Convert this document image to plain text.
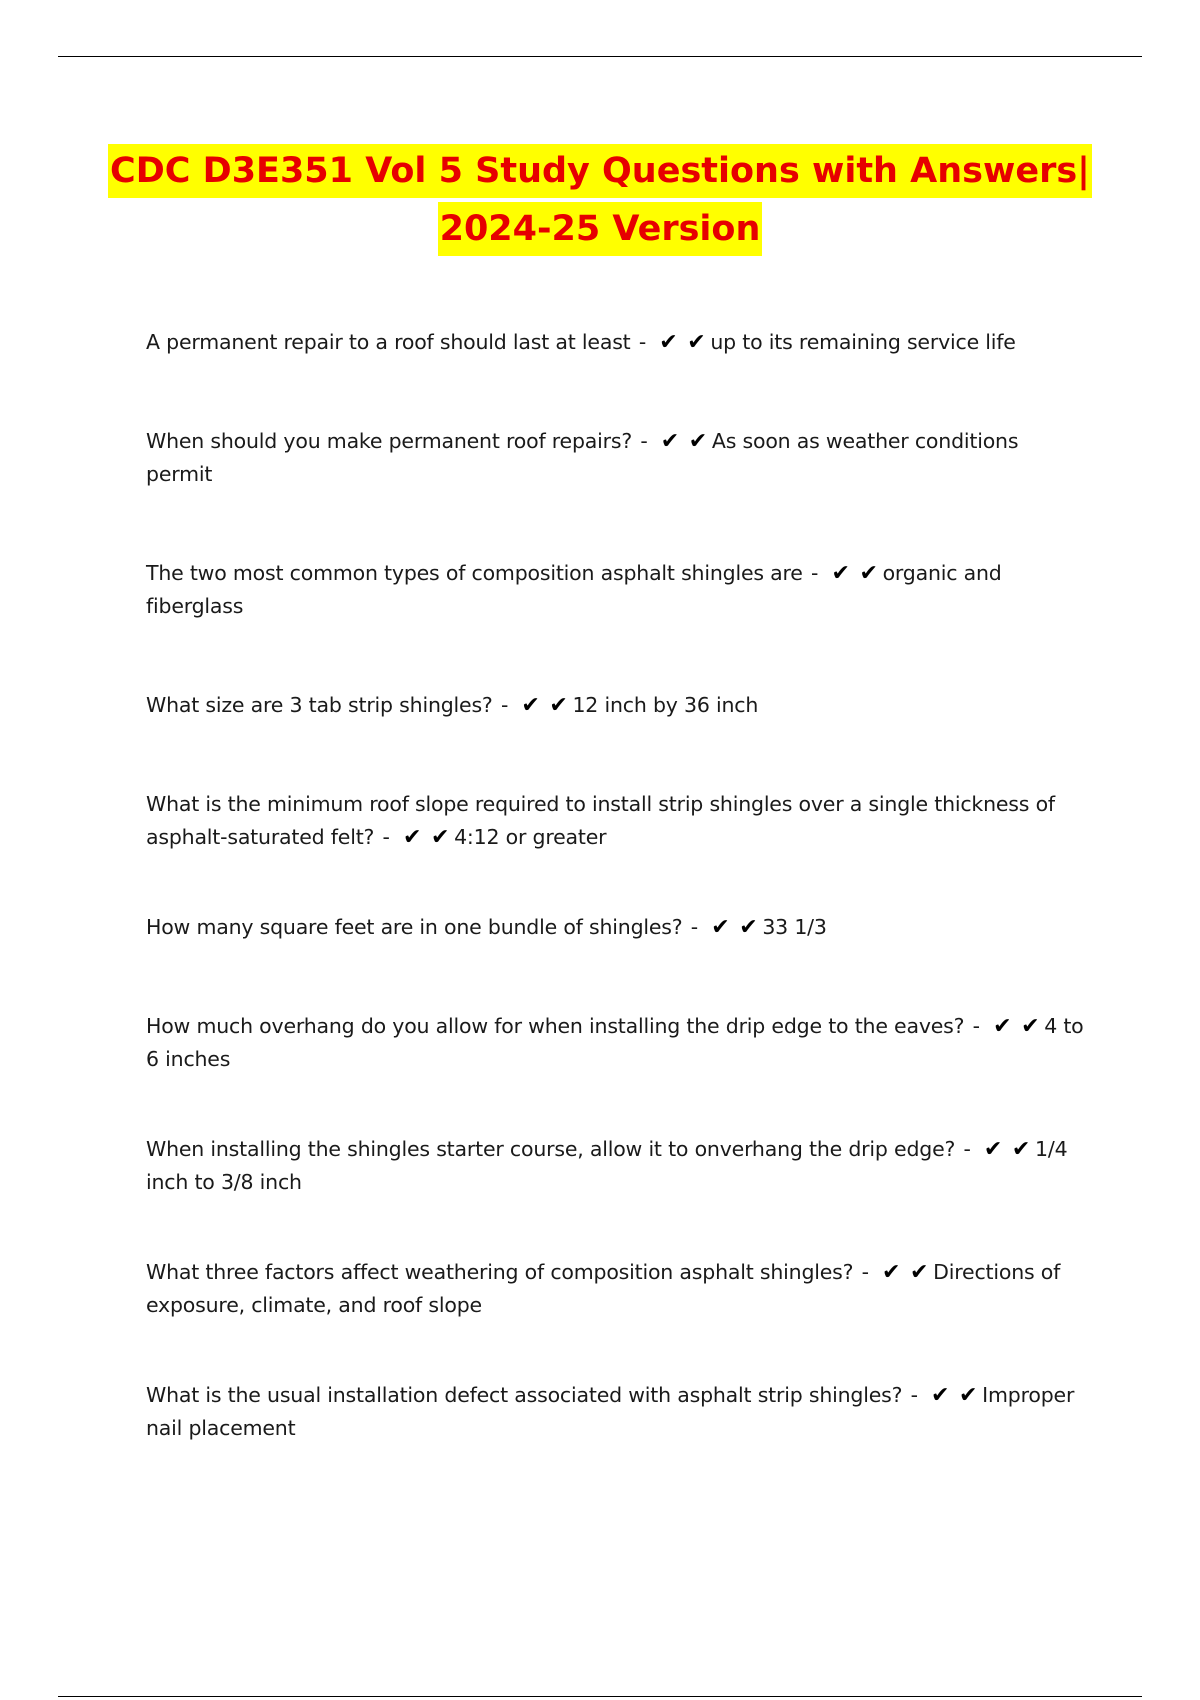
CDC D3E351 Vol 5 Study Questions with Answers|
2024-25 Version
A permanent repair to a roof should last at least - ✔ ✔ up to its remaining service life
When should you make permanent roof repairs? - ✔ ✔ As soon as weather conditions permit
The two most common types of composition asphalt shingles are - ✔ ✔ organic and fiberglass
What size are 3 tab strip shingles? - ✔ ✔ 12 inch by 36 inch
What is the minimum roof slope required to install strip shingles over a single thickness of asphalt-saturated felt? - ✔ ✔ 4:12 or greater
How many square feet are in one bundle of shingles? - ✔ ✔ 33 1/3
How much overhang do you allow for when installing the drip edge to the eaves? - ✔ ✔ 4 to 6 inches
When installing the shingles starter course, allow it to onverhang the drip edge? - ✔ ✔ 1/4 inch to 3/8 inch
What three factors affect weathering of composition asphalt shingles? - ✔ ✔ Directions of exposure, climate, and roof slope
What is the usual installation defect associated with asphalt strip shingles? - ✔ ✔ Improper nail placement
